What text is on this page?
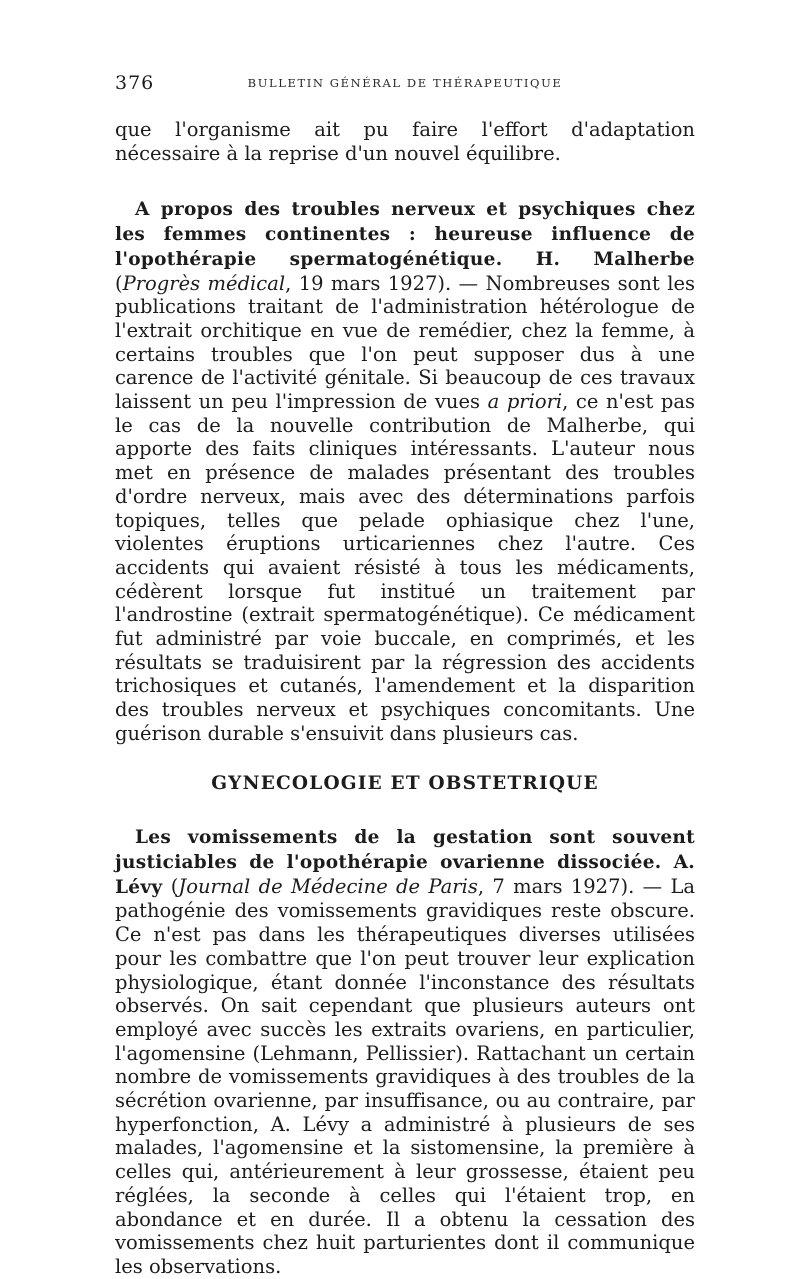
376	BULLETIN GÉNÉRAL DE THÉRAPEUTIQUE

que l'organisme ait pu faire l'effort d'adaptation nécessaire à la reprise d'un nouvel équilibre.

A propos des troubles nerveux et psychiques chez les femmes continentes : heureuse influence de l'opothérapie spermatogénétique. H. Malherbe (Progrès médical, 19 mars 1927). — Nombreuses sont les publications traitant de l'administration hétérologue de l'extrait orchitique en vue de remédier, chez la femme, à certains troubles que l'on peut supposer dus à une carence de l'activité génitale. Si beaucoup de ces travaux laissent un peu l'impression de vues a priori, ce n'est pas le cas de la nouvelle contribution de Malherbe, qui apporte des faits cliniques intéressants. L'auteur nous met en présence de malades présentant des troubles d'ordre nerveux, mais avec des déterminations parfois topiques, telles que pelade ophiasique chez l'une, violentes éruptions urticariennes chez l'autre. Ces accidents qui avaient résisté à tous les médicaments, cédèrent lorsque fut institué un traitement par l'androstine (extrait spermatogénétique). Ce médicament fut administré par voie buccale, en comprimés, et les résultats se traduisirent par la régression des accidents trichosiques et cutanés, l'amendement et la disparition des troubles nerveux et psychiques concomitants. Une guérison durable s'ensuivit dans plusieurs cas.

GYNECOLOGIE ET OBSTETRIQUE

Les vomissements de la gestation sont souvent justiciables de l'opothérapie ovarienne dissociée. A. Lévy (Journal de Médecine de Paris, 7 mars 1927). — La pathogénie des vomissements gravidiques reste obscure. Ce n'est pas dans les thérapeutiques diverses utilisées pour les combattre que l'on peut trouver leur explication physiologique, étant donnée l'inconstance des résultats observés. On sait cependant que plusieurs auteurs ont employé avec succès les extraits ovariens, en particulier, l'agomensine (Lehmann, Pellissier). Rattachant un certain nombre de vomissements gravidiques à des troubles de la sécrétion ovarienne, par insuffisance, ou au contraire, par hyperfonction, A. Lévy a administré à plusieurs de ses malades, l'agomensine et la sistomensine, la première à celles qui, antérieurement à leur grossesse, étaient peu réglées, la seconde à celles qui l'étaient trop, en abondance et en durée. Il a obtenu la cessation des vomissements chez huit parturientes dont il communique les observations.
